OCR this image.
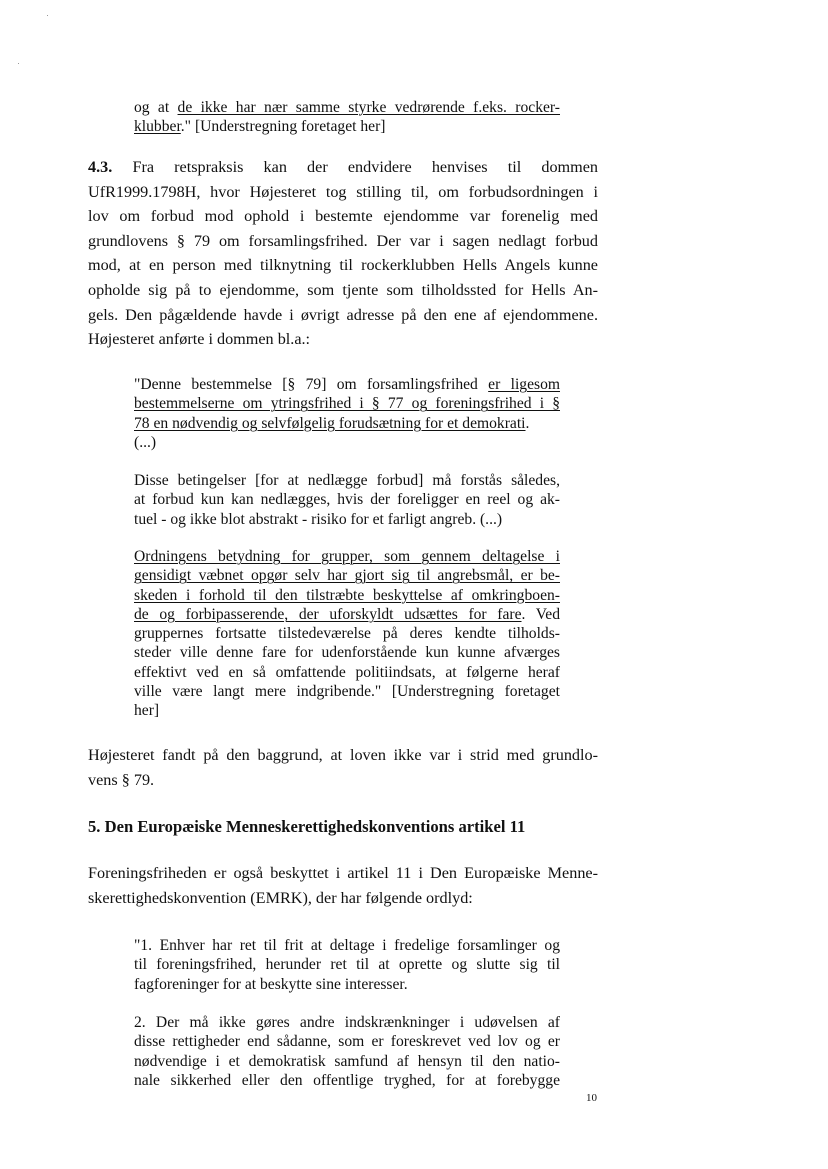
og at de ikke har nær samme styrke vedrørende f.eks. rocker-
klubber." [Understregning foretaget her]
4.3. Fra retspraksis kan der endvidere henvises til dommen
UfR1999.1798H, hvor Højesteret tog stilling til, om forbudsordningen i
lov om forbud mod ophold i bestemte ejendomme var forenelig med
grundlovens § 79 om forsamlingsfrihed. Der var i sagen nedlagt forbud
mod, at en person med tilknytning til rockerklubben Hells Angels kunne
opholde sig på to ejendomme, som tjente som tilholdssted for Hells An-
gels. Den pågældende havde i øvrigt adresse på den ene af ejendommene.
Højesteret anførte i dommen bl.a.:
"Denne bestemmelse [§ 79] om forsamlingsfrihed er ligesom
bestemmelserne om ytringsfrihed i § 77 og foreningsfrihed i §
78 en nødvendig og selvfølgelig forudsætning for et demokrati.
(...)
Disse betingelser [for at nedlægge forbud] må forstås således,
at forbud kun kan nedlægges, hvis der foreligger en reel og ak-
tuel - og ikke blot abstrakt - risiko for et farligt angreb. (...)
Ordningens betydning for grupper, som gennem deltagelse i
gensidigt væbnet opgør selv har gjort sig til angrebsmål, er be-
skeden i forhold til den tilstræbte beskyttelse af omkringboen-
de og forbipasserende, der uforskyldt udsættes for fare. Ved
gruppernes fortsatte tilstedeværelse på deres kendte tilholds-
steder ville denne fare for udenforstående kun kunne afværges
effektivt ved en så omfattende politiindsats, at følgerne heraf
ville være langt mere indgribende." [Understregning foretaget
her]
Højesteret fandt på den baggrund, at loven ikke var i strid med grundlo-
vens § 79.
5. Den Europæiske Menneskerettighedskonventions artikel 11
Foreningsfriheden er også beskyttet i artikel 11 i Den Europæiske Menne-
skerettighedskonvention (EMRK), der har følgende ordlyd:
"1. Enhver har ret til frit at deltage i fredelige forsamlinger og
til foreningsfrihed, herunder ret til at oprette og slutte sig til
fagforeninger for at beskytte sine interesser.
2. Der må ikke gøres andre indskrænkninger i udøvelsen af
disse rettigheder end sådanne, som er foreskrevet ved lov og er
nødvendige i et demokratisk samfund af hensyn til den natio-
nale sikkerhed eller den offentlige tryghed, for at forebygge
10
